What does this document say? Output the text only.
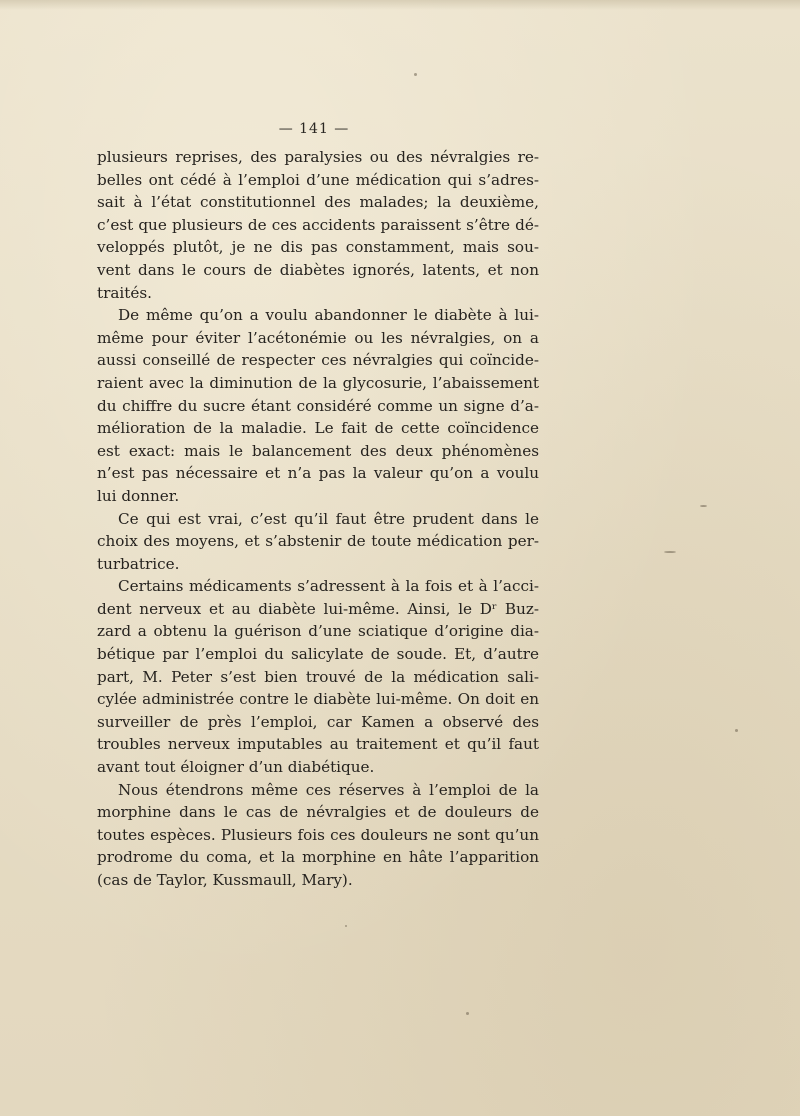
— 141 —
plusieurs reprises, des paralysies ou des névralgies re-
belles ont cédé à l’emploi d’une médication qui s’adres-
sait à l’état constitutionnel des malades; la deuxième,
c’est que plusieurs de ces accidents paraissent s’être dé-
veloppés plutôt, je ne dis pas constamment, mais sou-
vent dans le cours de diabètes ignorés, latents, et non
traités.
De même qu’on a voulu abandonner le diabète à lui-
même pour éviter l’acétonémie ou les névralgies, on a
aussi conseillé de respecter ces névralgies qui coïncide-
raient avec la diminution de la glycosurie, l’abaissement
du chiffre du sucre étant considéré comme un signe d’a-
mélioration de la maladie. Le fait de cette coïncidence
est exact: mais le balancement des deux phénomènes
n’est pas nécessaire et n’a pas la valeur qu’on a voulu
lui donner.
Ce qui est vrai, c’est qu’il faut être prudent dans le
choix des moyens, et s’abstenir de toute médication per-
turbatrice.
Certains médicaments s’adressent à la fois et à l’acci-
dent nerveux et au diabète lui-même. Ainsi, le Dʳ Buz-
zard a obtenu la guérison d’une sciatique d’origine dia-
bétique par l’emploi du salicylate de soude. Et, d’autre
part, M. Peter s’est bien trouvé de la médication sali-
cylée administrée contre le diabète lui-même. On doit en
surveiller de près l’emploi, car Kamen a observé des
troubles nerveux imputables au traitement et qu’il faut
avant tout éloigner d’un diabétique.
Nous étendrons même ces réserves à l’emploi de la
morphine dans le cas de névralgies et de douleurs de
toutes espèces. Plusieurs fois ces douleurs ne sont qu’un
prodrome du coma, et la morphine en hâte l’apparition
(cas de Taylor, Kussmaull, Mary).
